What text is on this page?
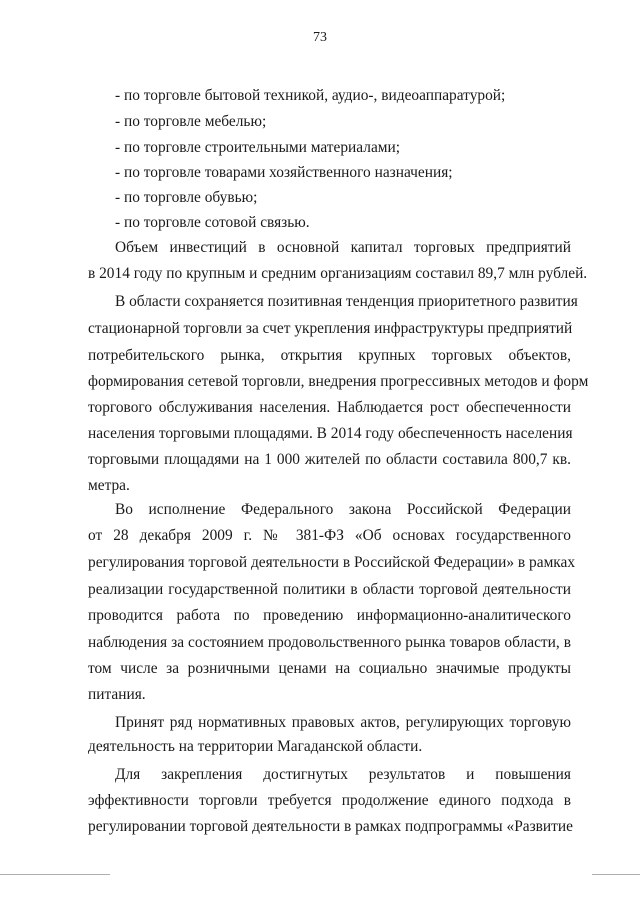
73
- по торговле бытовой техникой, аудио-, видеоаппаратурой;
- по торговле мебелью;
- по торговле строительными материалами;
- по торговле товарами хозяйственного назначения;
- по торговле обувью;
- по торговле сотовой связью.
Объем инвестиций в основной капитал торговых предприятий
в 2014 году по крупным и средним организациям составил 89,7 млн рублей.
В области сохраняется позитивная тенденция приоритетного развития
стационарной торговли за счет укрепления инфраструктуры предприятий
потребительского рынка, открытия крупных торговых объектов,
формирования сетевой торговли, внедрения прогрессивных методов и форм
торгового обслуживания населения. Наблюдается рост обеспеченности
населения торговыми площадями. В 2014 году обеспеченность населения
торговыми площадями на 1 000 жителей по области составила 800,7 кв.
метра.
Во исполнение Федерального закона Российской Федерации
от 28 декабря 2009 г. № 381-ФЗ «Об основах государственного
регулирования торговой деятельности в Российской Федерации» в рамках
реализации государственной политики в области торговой деятельности
проводится работа по проведению информационно-аналитического
наблюдения за состоянием продовольственного рынка товаров области, в
том числе за розничными ценами на социально значимые продукты
питания.
Принят ряд нормативных правовых актов, регулирующих торговую
деятельность на территории Магаданской области.
Для закрепления достигнутых результатов и повышения
эффективности торговли требуется продолжение единого подхода в
регулировании торговой деятельности в рамках подпрограммы «Развитие
